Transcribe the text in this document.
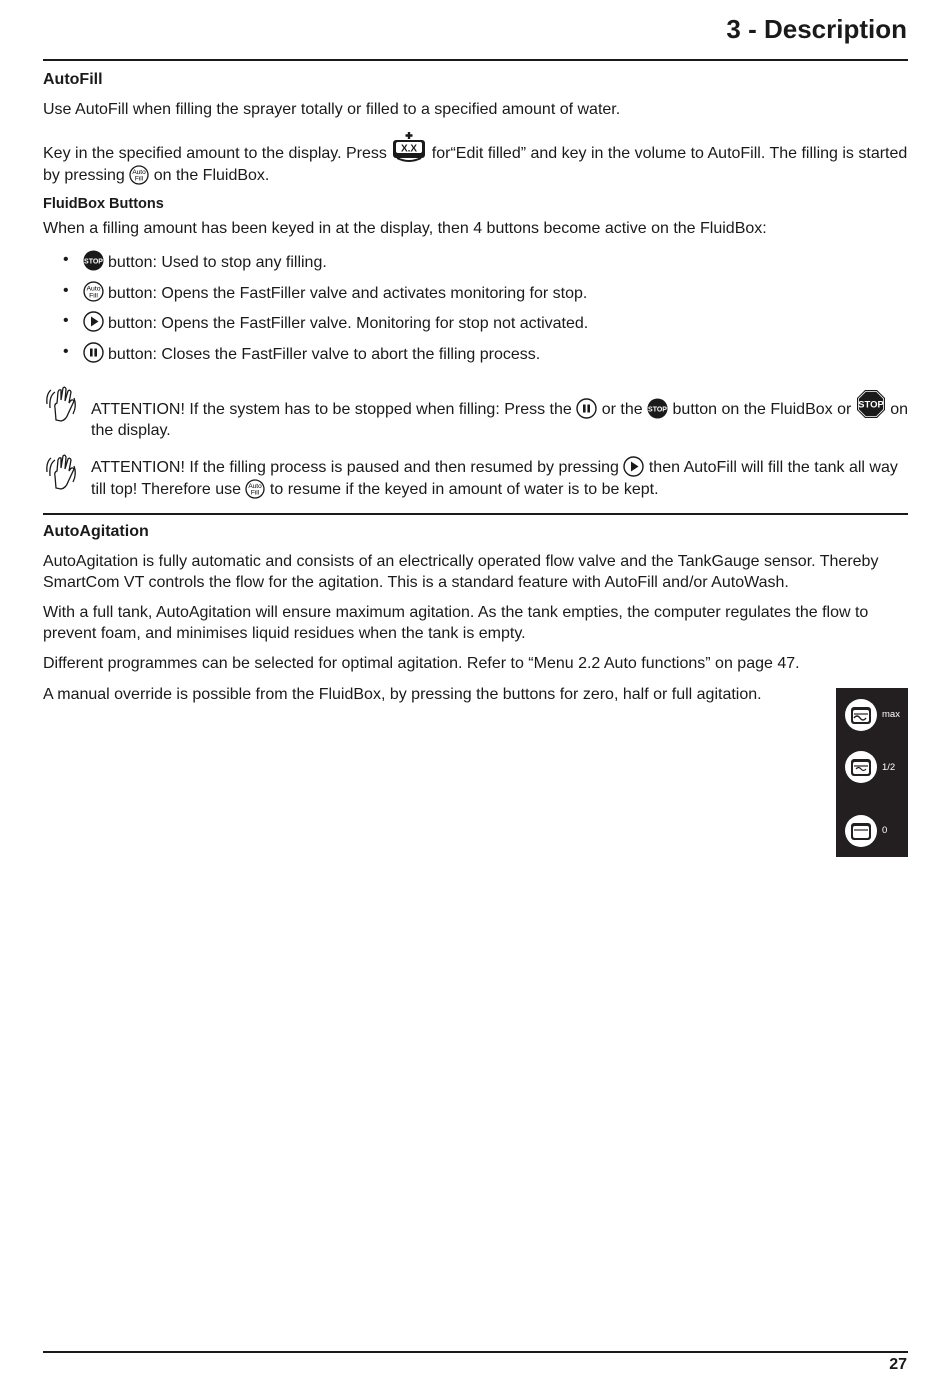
3 - Description
AutoFill

Use AutoFill when filling the sprayer totally or filled to a specified amount of water.

Key in the specified amount to the display. Press X.X for“Edit filled” and key in the volume to AutoFill. The filling is started by pressing Auto
Fill on the FluidBox.

FluidBox Buttons

When a filling amount has been keyed in at the display, then 4 buttons become active on the FluidBox:

• STOP button: Used to stop any filling.
• Auto
Fill button: Opens the FastFiller valve and activates monitoring for stop.
• button: Opens the FastFiller valve. Monitoring for stop not activated.
• button: Closes the FastFiller valve to abort the filling process.

ATTENTION! If the system has to be stopped when filling: Press the or the STOP button on the FluidBox or STOP on the display.

ATTENTION! If the filling process is paused and then resumed by pressing then AutoFill will fill the tank all way till top! Therefore use Auto
Fill to resume if the keyed in amount of water is to be kept.

AutoAgitation

AutoAgitation is fully automatic and consists of an electrically operated flow valve and the TankGauge sensor. Thereby SmartCom VT controls the flow for the agitation. This is a standard feature with AutoFill and/or AutoWash.

With a full tank, AutoAgitation will ensure maximum agitation. As the tank empties, the computer regulates the flow to prevent foam, and minimises liquid residues when the tank is empty.

Different programmes can be selected for optimal agitation. Refer to “Menu 2.2 Auto functions” on page 47.

A manual override is possible from the FluidBox, by pressing the buttons for zero, half or full agitation.

max
1/2
0

27
